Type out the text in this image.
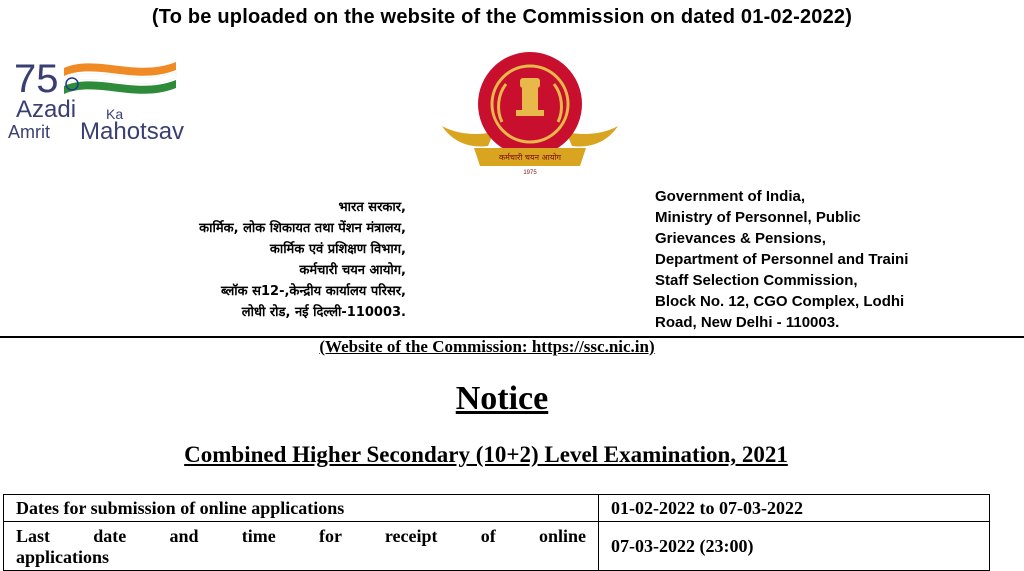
(To be uploaded on the website of the Commission on dated 01-02-2022)
75
Azadi Ka
Amrit Mahotsav
कर्मचारी चयन आयोग
1975
भारत सरकार,
कार्मिक, लोक शिकायत तथा पेंशन मंत्रालय,
कार्मिक एवं प्रशिक्षण विभाग,
कर्मचारी चयन आयोग,
ब्लॉक स12-,केन्द्रीय कार्यालय परिसर,
लोधी रोड, नई दिल्ली-110003.
Government of India,
Ministry of Personnel, Public
Grievances & Pensions,
Department of Personnel and Traini
Staff Selection Commission,
Block No. 12, CGO Complex, Lodhi
Road, New Delhi - 110003.
(Website of the Commission: https://ssc.nic.in)
Notice
Combined Higher Secondary (10+2) Level Examination, 2021
Dates for submission of online applications	01-02-2022 to 07-03-2022

Last date and time for receipt of online
applications	07-03-2022 (23:00)
